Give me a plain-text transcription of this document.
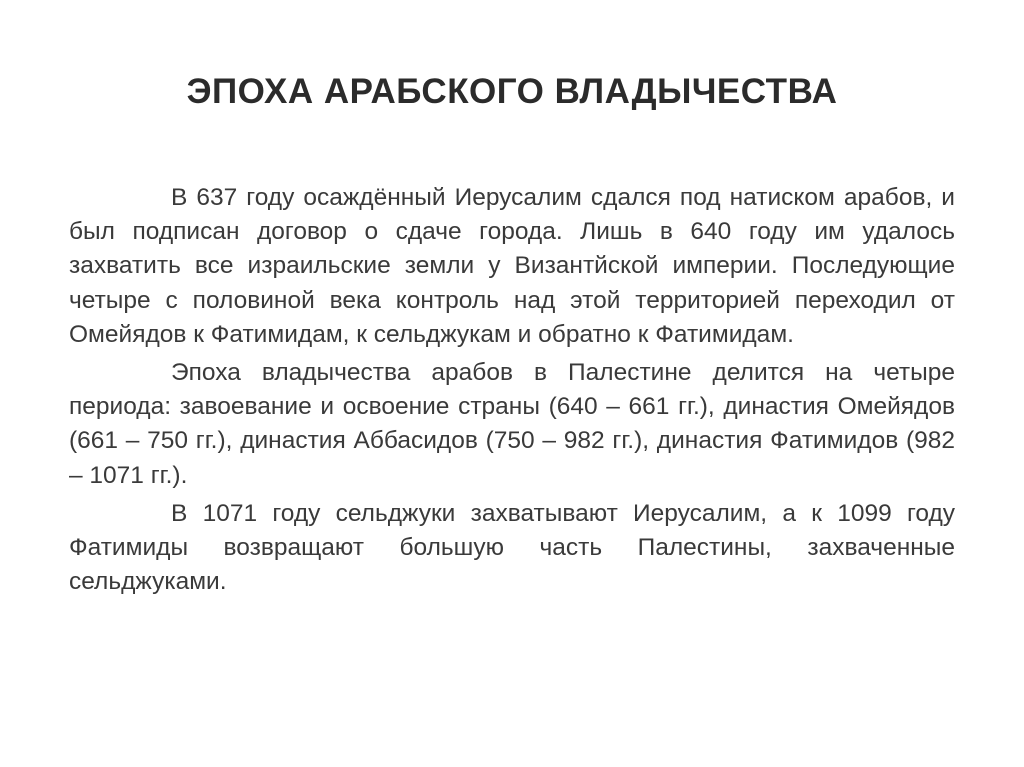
ЭПОХА АРАБСКОГО ВЛАДЫЧЕСТВА

В 637 году осаждённый Иерусалим сдался под натиском арабов, и был подписан договор о сдаче города. Лишь в 640 году им удалось захватить все израильские земли у Византйской империи. Последующие четыре с половиной века контроль над этой территорией переходил от Омейядов к Фатимидам, к сельджукам и обратно к Фатимидам.

Эпоха владычества арабов в Палестине делится на четыре периода: завоевание и освоение страны (640 – 661 гг.), династия Омейядов (661 – 750 гг.), династия Аббасидов (750 – 982 гг.), династия Фатимидов (982 – 1071 гг.).

В 1071 году сельджуки захватывают Иерусалим, а к 1099 году Фатимиды возвращают большую часть Палестины, захваченные сельджуками.
